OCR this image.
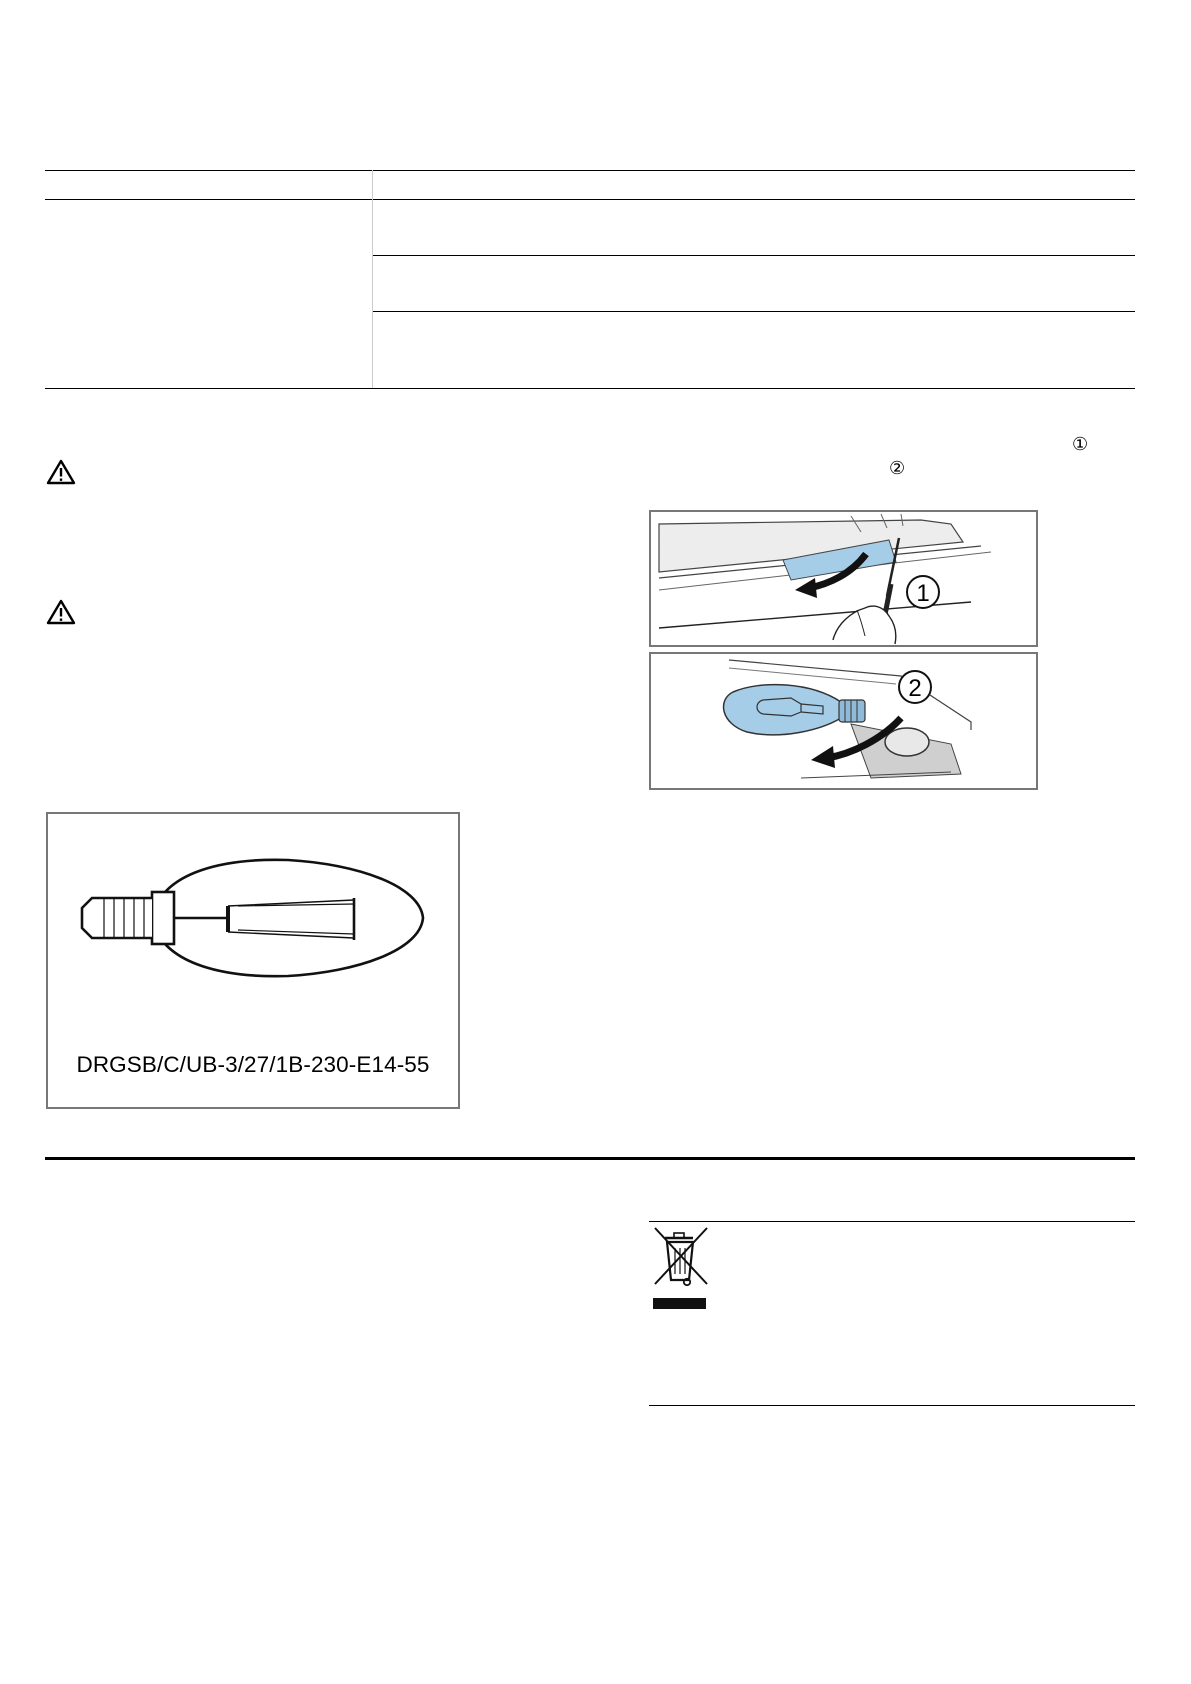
①
②
1
2
DRGSB/C/UB-3/27/1B-230-E14-55
